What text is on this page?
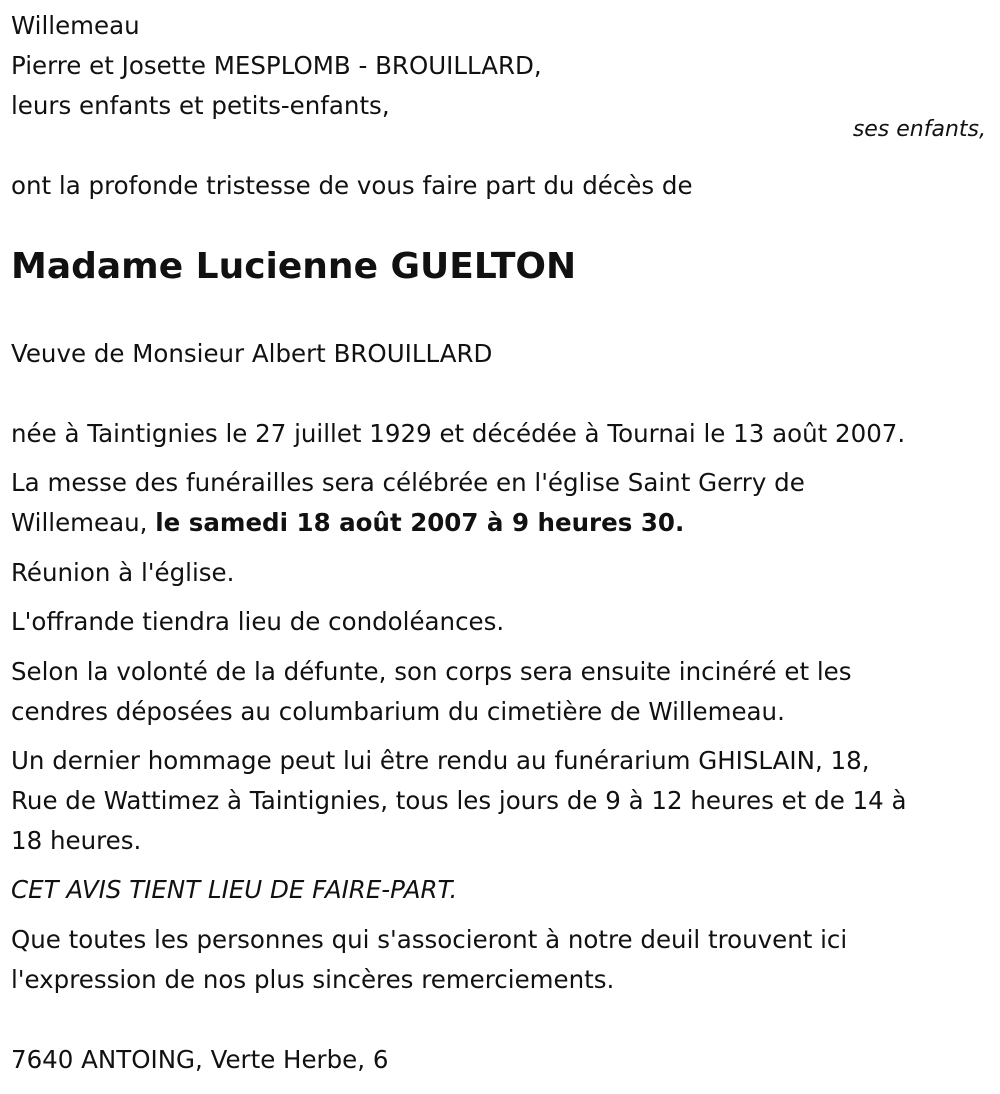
Willemeau
Pierre et Josette MESPLOMB - BROUILLARD,
leurs enfants et petits-enfants,
ses enfants,
ont la profonde tristesse de vous faire part du décès de
Madame Lucienne GUELTON
Veuve de Monsieur Albert BROUILLARD
née à Taintignies le 27 juillet 1929 et décédée à Tournai le 13 août 2007.
La messe des funérailles sera célébrée en l'église Saint Gerry de
Willemeau, le samedi 18 août 2007 à 9 heures 30.
Réunion à l'église.
L'offrande tiendra lieu de condoléances.
Selon la volonté de la défunte, son corps sera ensuite incinéré et les
cendres déposées au columbarium du cimetière de Willemeau.
Un dernier hommage peut lui être rendu au funérarium GHISLAIN, 18,
Rue de Wattimez à Taintignies, tous les jours de 9 à 12 heures et de 14 à
18 heures.
CET AVIS TIENT LIEU DE FAIRE-PART.
Que toutes les personnes qui s'associeront à notre deuil trouvent ici
l'expression de nos plus sincères remerciements.
7640 ANTOING, Verte Herbe, 6
